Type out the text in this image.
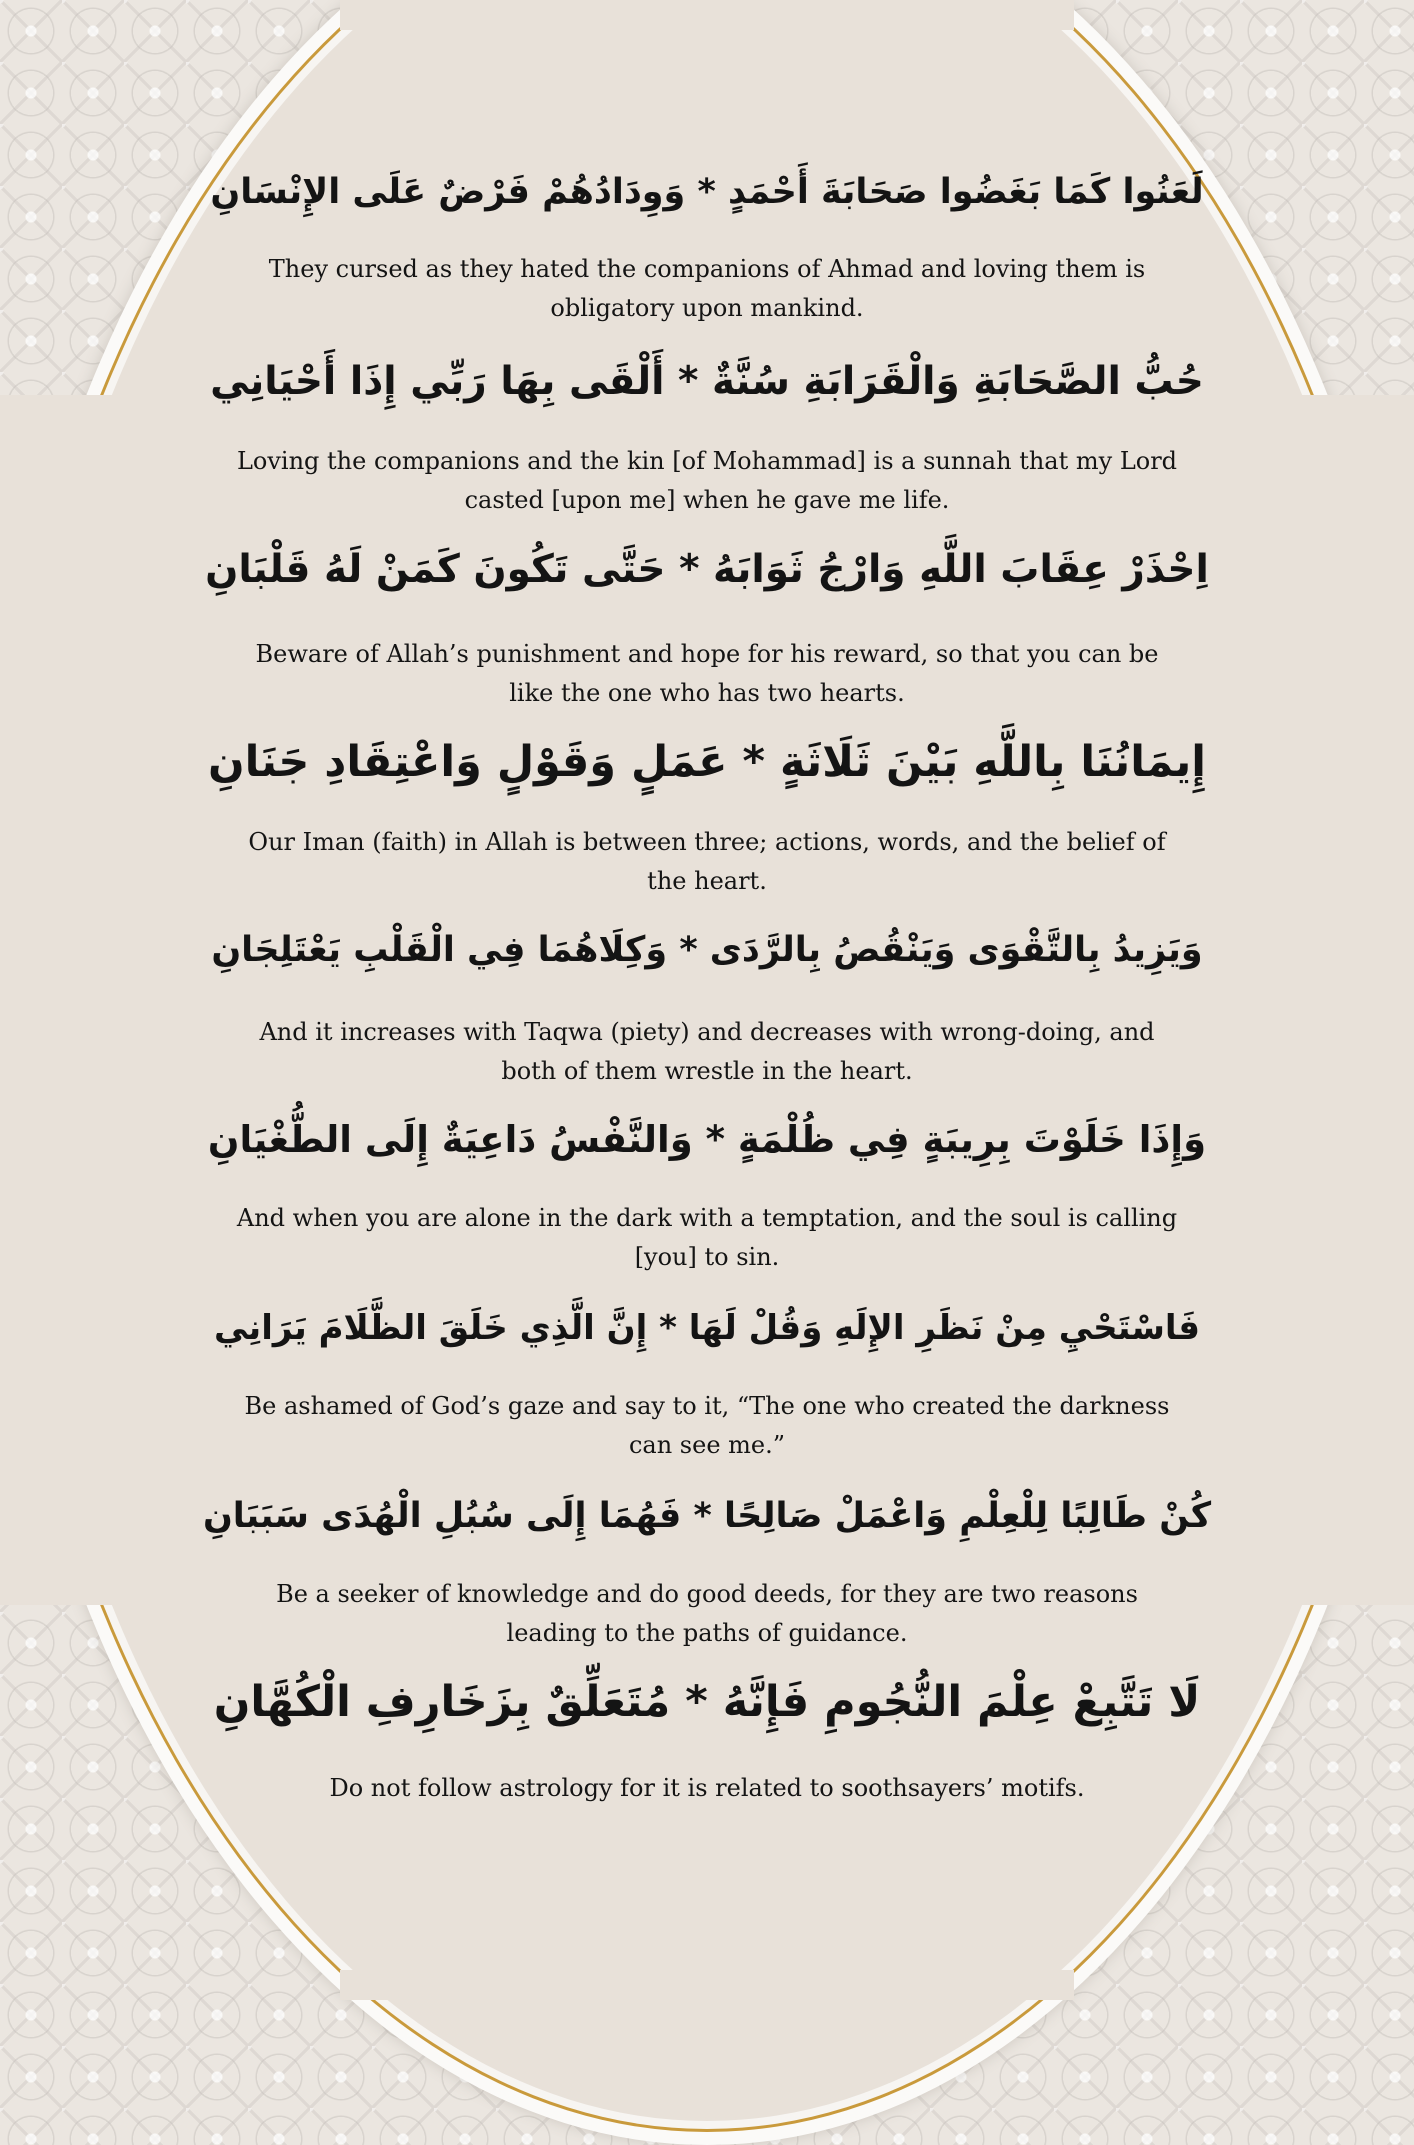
لَعَنُوا كَمَا بَغَضُوا صَحَابَةَ أَحْمَدٍ * وَوِدَادُهُمْ فَرْضٌ عَلَى الإِنْسَانِ
They cursed as they hated the companions of Ahmad and loving them is obligatory upon mankind.
حُبُّ الصَّحَابَةِ وَالْقَرَابَةِ سُنَّةٌ * أَلْقَى بِهَا رَبِّي إِذَا أَحْيَانِي
Loving the companions and the kin [of Mohammad] is a sunnah that my Lord casted [upon me] when he gave me life.
اِحْذَرْ عِقَابَ اللَّهِ وَارْجُ ثَوَابَهُ * حَتَّى تَكُونَ كَمَنْ لَهُ قَلْبَانِ
Beware of Allah’s punishment and hope for his reward, so that you can be like the one who has two hearts.
إِيمَانُنَا بِاللَّهِ بَيْنَ ثَلَاثَةٍ * عَمَلٍ وَقَوْلٍ وَاعْتِقَادِ جَنَانِ
Our Iman (faith) in Allah is between three; actions, words, and the belief of the heart.
وَيَزِيدُ بِالتَّقْوَى وَيَنْقُصُ بِالرَّدَى * وَكِلَاهُمَا فِي الْقَلْبِ يَعْتَلِجَانِ
And it increases with Taqwa (piety) and decreases with wrong-doing, and both of them wrestle in the heart.
وَإِذَا خَلَوْتَ بِرِيبَةٍ فِي ظُلْمَةٍ * وَالنَّفْسُ دَاعِيَةٌ إِلَى الطُّغْيَانِ
And when you are alone in the dark with a temptation, and the soul is calling [you] to sin.
فَاسْتَحْيِ مِنْ نَظَرِ الإِلَهِ وَقُلْ لَهَا * إِنَّ الَّذِي خَلَقَ الظَّلَامَ يَرَانِي
Be ashamed of God’s gaze and say to it, “The one who created the darkness can see me.”
كُنْ طَالِبًا لِلْعِلْمِ وَاعْمَلْ صَالِحًا * فَهُمَا إِلَى سُبُلِ الْهُدَى سَبَبَانِ
Be a seeker of knowledge and do good deeds, for they are two reasons leading to the paths of guidance.
لَا تَتَّبِعْ عِلْمَ النُّجُومِ فَإِنَّهُ * مُتَعَلِّقٌ بِزَخَارِفِ الْكُهَّانِ
Do not follow astrology for it is related to soothsayers’ motifs.
